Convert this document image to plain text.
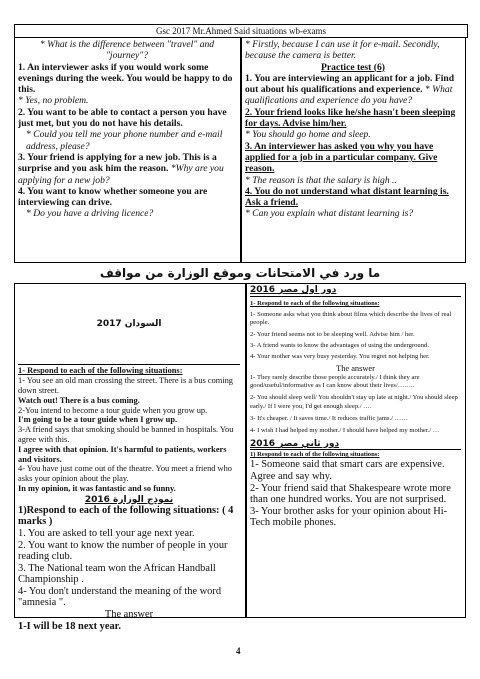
Gsc 2017 Mr.Ahmed Said situations wb-exams

* What is the difference between "travel" and "journey"?

1. An interviewer asks if you would work some evenings during the week. You would be happy to do this.

* Yes, no problem.

2. You want to be able to contact a person you have just met, but you do not have his details.

* Could you tell me your phone number and e-mail address, please?

3. Your friend is applying for a new job. This is a surprise and you ask him the reason. *Why are you applying for a new job?

4. You want to know whether someone you are interviewing can drive.

* Do you have a driving licence?

* Firstly, because I can use it for e-mail. Secondly, because the camera is better.

Practice test (6)

1. You are interviewing an applicant for a job. Find out about his qualifications and experience. * What qualifications and experience do you have?

2. Your friend looks like he/she hasn't been sleeping for days. Advise him/her.

* You should go home and sleep.

3. An interviewer has asked you why you have applied for a job in a particular company. Give reason.

* The reason is that the salary is high ..

4. You do not understand what distant learning is. Ask a friend.

* Can you explain what distant learning is?

ما ورد في الامتحانات وموقع الوزارة من مواقف
السودان 2017

1- Respond to each of the following situations:

1- You see an old man crossing the street. There is a bus coming down street.

Watch out! There is a bus coming.

2-You intend to become a tour guide when you grow up.

I'm going to be a tour guide when I grow up.

3-A friend says that smoking should be banned in hospitals. You agree with this.

I agree with that opinion. It's harmful to patients, workers and visitors.

4- You have just come out of the theatre. You meet a friend who asks your opinion about the play.

In my opinion, it was fantastic and so funny.

نموذج الوزارة 2016

1)Respond to each of the following situations: ( 4 marks )

1. You are asked to tell your age next year.

2. You want to know the number of people in your reading club.

3. The National team won the African Handball Championship .

4- You don't understand the meaning of the word "amnesia ".

The answer

1-I will be 18 next year.

2016 دور اول مصر

1- Respond to each of the following situations:

1- Someone asks what you think about films which describe the lives of real people.

2- Your friend seems not to be sleeping well. Advise him / her.

3- A friend wants to know the advantages of using the underground.

4- Your mother was very busy yesterday. You regret not helping her.

The answer

1- They rarely describe those people accurately./ I think they are good/useful/informative as I can know about their lives/……..

2- You should sleep well/ You shouldn't stay up late at night./ You should sleep early./ If I were you, I'd get enough sleep./ ….

3- It's cheaper. / It saves time./ It reduces traffic jams./ ……

4- I wish I had helped my mother./ I should have helped my mother./ …

2016 دور ثاني مصر

1) Respond to each of the following situations:

1- Someone said that smart cars are expensive. Agree and say why.

2- Your friend said that Shakespeare wrote more than one hundred works. You are not surprised.

3- Your brother asks for your opinion about Hi-Tech mobile phones.

4
